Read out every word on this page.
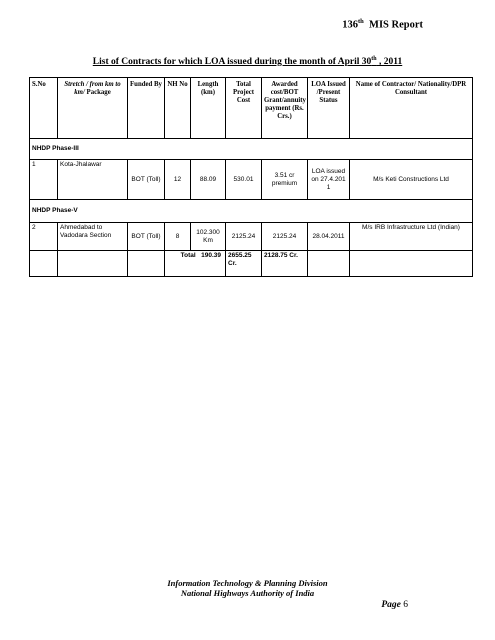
136th MIS Report
List of Contracts for which LOA issued during the month of April 30th , 2011
S.No	Stretch / from km to km/ Package	Funded By	NH No	Length (km)	Total Project Cost	Awarded cost/BOT Grant/annuity payment (Rs. Crs.)	LOA Issued /Present Status	Name of Contractor/ Nationality/DPR Consultant
NHDP Phase-III								
1	Kota-Jhalawar	BOT (Toll)	12	88.09	530.01	3.51 cr premium	LOA issued on 27.4.2011	M/s Keti Constructions Ltd
NHDP Phase-V								
2	Ahmedabad to Vadodara Section	BOT (Toll)	8	102.300 Km	2125.24	2125.24	28.04.2011	M/s IRB Infrastructure Ltd (Indian)
			Total 190.39		2655.25 Cr.	2128.75 Cr.		
Information Technology & Planning Division
National Highways Authority of India
Page 6
